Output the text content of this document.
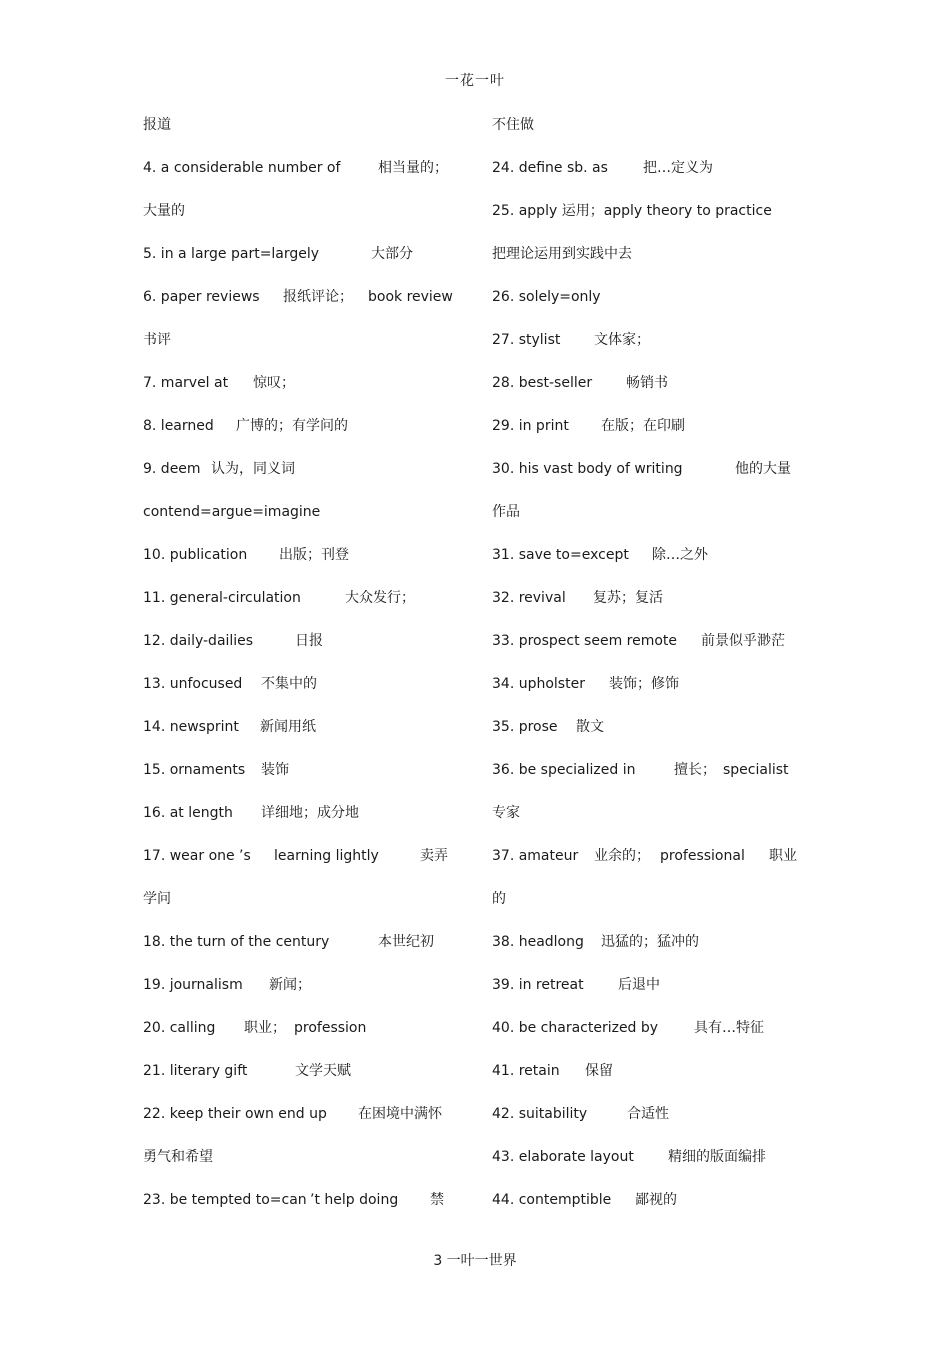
一花一叶
报道
4. a considerable number of	相当量的；
大量的
5. in a large part=largely	大部分
6. paper reviews 报纸评论； book review
书评
7. marvel at 惊叹；
8. learned 广博的；有学问的
9. deem 认为，同义词
contend=argue=imagine
10. publication 出版；刊登
11. general-circulation	大众发行；
12. daily-dailies	日报
13. unfocused 不集中的
14. newsprint 新闻用纸
15. ornaments 装饰
16. at length 详细地；成分地
17. wear one ’s learning lightly	卖弄
学问
18. the turn of the century	本世纪初
19. journalism 新闻；
20. calling 职业； profession
21. literary gift	文学天赋
22. keep their own end up 在困境中满怀
勇气和希望
23. be tempted to=can ’t help doing 禁
不住做
24. define sb. as	把…定义为
25. apply 运用；apply theory to practice
把理论运用到实践中去
26. solely=only
27. stylist 文体家；
28. best-seller 畅销书
29. in print 在版；在印刷
30. his vast body of writing	他的大量
作品
31. save to=except 除…之外
32. revival 复苏；复活
33. prospect seem remote 前景似乎渺茫
34. upholster 装饰；修饰
35. prose 散文
36. be specialized in	擅长； specialist
专家
37. amateur 业余的； professional 职业
的
38. headlong 迅猛的；猛冲的
39. in retreat 后退中
40. be characterized by	具有…特征
41. retain 保留
42. suitability	合适性
43. elaborate layout 精细的版面编排
44. contemptible 鄙视的
3 一叶一世界
